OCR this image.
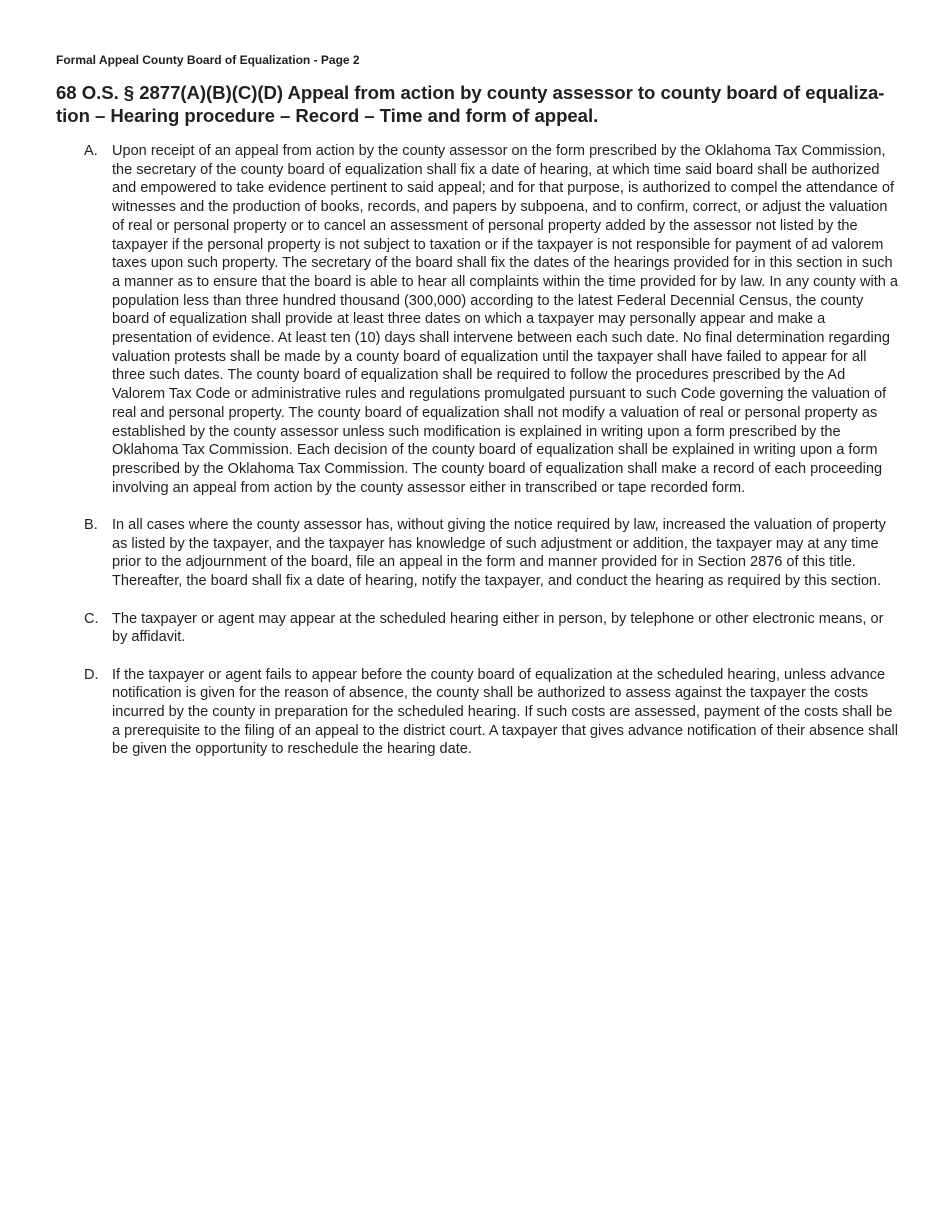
Formal Appeal County Board of Equalization - Page 2
68 O.S. § 2877(A)(B)(C)(D) Appeal from action by county assessor to county board of equaliza-
tion – Hearing procedure – Record – Time and form of appeal.
A. Upon receipt of an appeal from action by the county assessor on the form prescribed by the Oklahoma Tax Commission, the secretary of the county board of equalization shall fix a date of hearing, at which time said board shall be authorized and empowered to take evidence pertinent to said appeal; and for that purpose, is authorized to compel the attendance of witnesses and the production of books, records, and papers by subpoena, and to confirm, correct, or adjust the valuation of real or personal property or to cancel an assessment of personal property added by the assessor not listed by the taxpayer if the personal property is not subject to taxation or if the taxpayer is not responsible for payment of ad valorem taxes upon such property. The secretary of the board shall fix the dates of the hearings provided for in this section in such a manner as to ensure that the board is able to hear all complaints within the time provided for by law. In any county with a population less than three hundred thousand (300,000) according to the latest Federal Decennial Census, the county board of equalization shall provide at least three dates on which a taxpayer may personally appear and make a presentation of evidence. At least ten (10) days shall intervene between each such date. No final determination regarding valuation protests shall be made by a county board of equalization until the taxpayer shall have failed to appear for all three such dates. The county board of equalization shall be required to follow the procedures prescribed by the Ad Valorem Tax Code or administrative rules and regulations promulgated pursuant to such Code governing the valuation of real and personal property. The county board of equalization shall not modify a valuation of real or personal property as established by the county assessor unless such modification is explained in writing upon a form prescribed by the Oklahoma Tax Commission. Each decision of the county board of equalization shall be explained in writing upon a form prescribed by the Oklahoma Tax Commission. The county board of equalization shall make a record of each proceeding involving an appeal from action by the county assessor either in transcribed or tape recorded form.
B. In all cases where the county assessor has, without giving the notice required by law, increased the valuation of property as listed by the taxpayer, and the taxpayer has knowledge of such adjustment or addition, the taxpayer may at any time prior to the adjournment of the board, file an appeal in the form and manner provided for in Section 2876 of this title. Thereafter, the board shall fix a date of hearing, notify the taxpayer, and conduct the hearing as required by this section.
C. The taxpayer or agent may appear at the scheduled hearing either in person, by telephone or other electronic means, or by affidavit.
D. If the taxpayer or agent fails to appear before the county board of equalization at the scheduled hearing, unless advance notification is given for the reason of absence, the county shall be authorized to assess against the taxpayer the costs incurred by the county in preparation for the scheduled hearing. If such costs are assessed, payment of the costs shall be a prerequisite to the filing of an appeal to the district court. A taxpayer that gives advance notification of their absence shall be given the opportunity to reschedule the hearing date.
